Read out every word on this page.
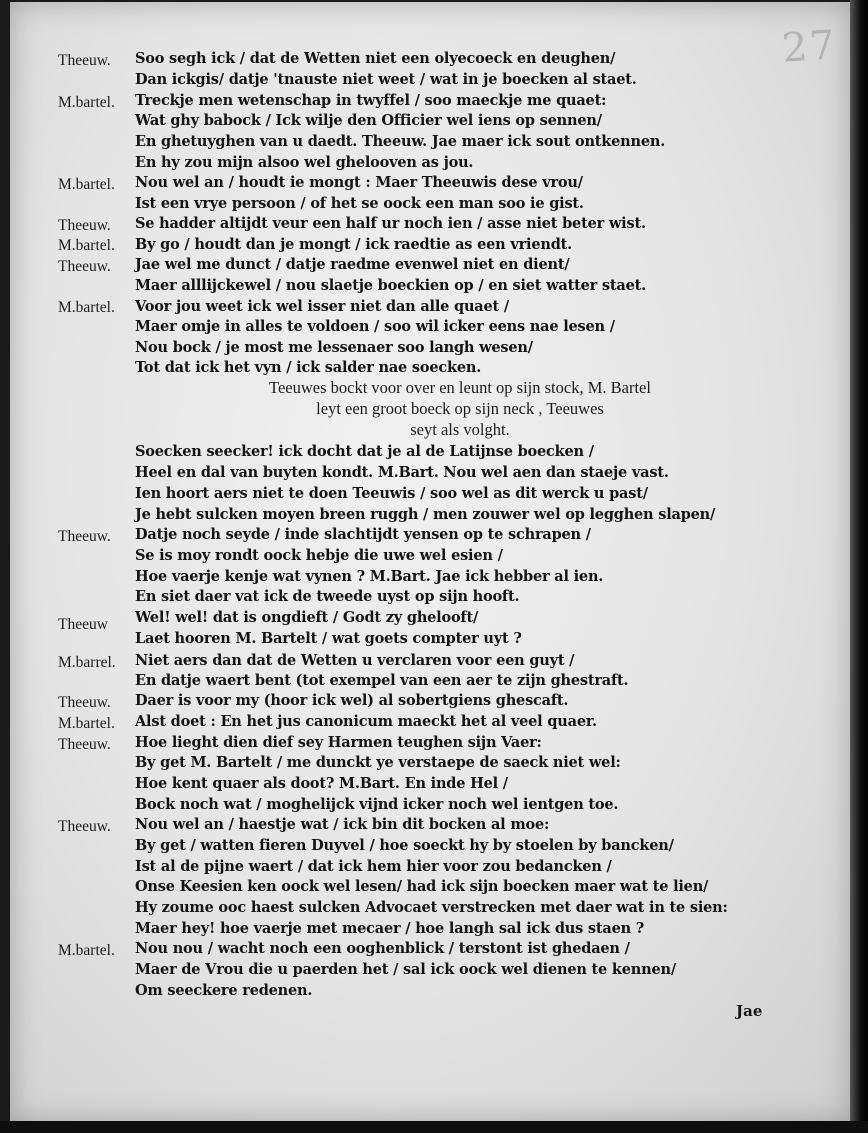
27
Theeuw.
M.bartel.
M.bartel.
Theeuw.
M.bartel.
Theeuw.
M.bartel.
Theeuw.
Theeuw
M.barrel.
Theeuw.
M.bartel.
Theeuw.
Theeuw.
M.bartel.
Soo segh ick / dat de Wetten niet een olyecoeck en deughen/
Dan ickgis/ datje 'tnauste niet weet / wat in je boecken al staet.
Treckje men wetenschap in twyffel / soo maeckje me quaet:
Wat ghy babock / Ick wilje den Officier wel iens op sennen/
En ghetuyghen van u daedt. Theeuw. Jae maer ick sout ontkennen.
En hy zou mijn alsoo wel ghelooven as jou.
Nou wel an / houdt ie mongt : Maer Theeuwis dese vrou/
Ist een vrye persoon / of het se oock een man soo ie gist.
Se hadder altijdt veur een half ur noch ien / asse niet beter wist.
By go / houdt dan je mongt / ick raedtie as een vriendt.
Jae wel me dunct / datje raedme evenwel niet en dient/
Maer alllijckewel / nou slaetje boeckien op / en siet watter staet.
Voor jou weet ick wel isser niet dan alle quaet /
Maer omje in alles te voldoen / soo wil icker eens nae lesen /
Nou bock / je most me lessenaer soo langh wesen/
Tot dat ick het vyn / ick salder nae soecken.
Teeuwes bockt voor over en leunt op sijn stock, M. Bartel
leyt een groot boeck op sijn neck , Teeuwes
seyt als volght.
Soecken seecker! ick docht dat je al de Latijnse boecken /
Heel en dal van buyten kondt. M.Bart. Nou wel aen dan staeje vast.
Ien hoort aers niet te doen Teeuwis / soo wel as dit werck u past/
Je hebt sulcken moyen breen ruggh / men zouwer wel op legghen slapen/
Datje noch seyde / inde slachtijdt yensen op te schrapen /
Se is moy rondt oock hebje die uwe wel esien /
Hoe vaerje kenje wat vynen ? M.Bart. Jae ick hebber al ien.
En siet daer vat ick de tweede uyst op sijn hooft.
Wel! wel! dat is ongdieft / Godt zy ghelooft/
Laet hooren M. Bartelt / wat goets compter uyt ?
Niet aers dan dat de Wetten u verclaren voor een guyt /
En datje waert bent (tot exempel van een aer te zijn ghestraft.
Daer is voor my (hoor ick wel) al sobertgiens ghescaft.
Alst doet : En het jus canonicum maeckt het al veel quaer.
Hoe lieght dien dief sey Harmen teughen sijn Vaer:
By get M. Bartelt / me dunckt ye verstaepe de saeck niet wel:
Hoe kent quaer als doot? M.Bart. En inde Hel /
Bock noch wat / moghelijck vijnd icker noch wel ientgen toe.
Nou wel an / haestje wat / ick bin dit bocken al moe:
By get / watten fieren Duyvel / hoe soeckt hy by stoelen by bancken/
Ist al de pijne waert / dat ick hem hier voor zou bedancken /
Onse Keesien ken oock wel lesen/ had ick sijn boecken maer wat te lien/
Hy zoume ooc haest sulcken Advocaet verstrecken met daer wat in te sien:
Maer hey! hoe vaerje met mecaer / hoe langh sal ick dus staen ?
Nou nou / wacht noch een ooghenblick / terstont ist ghedaen /
Maer de Vrou die u paerden het / sal ick oock wel dienen te kennen/
Om seeckere redenen.
Jae
